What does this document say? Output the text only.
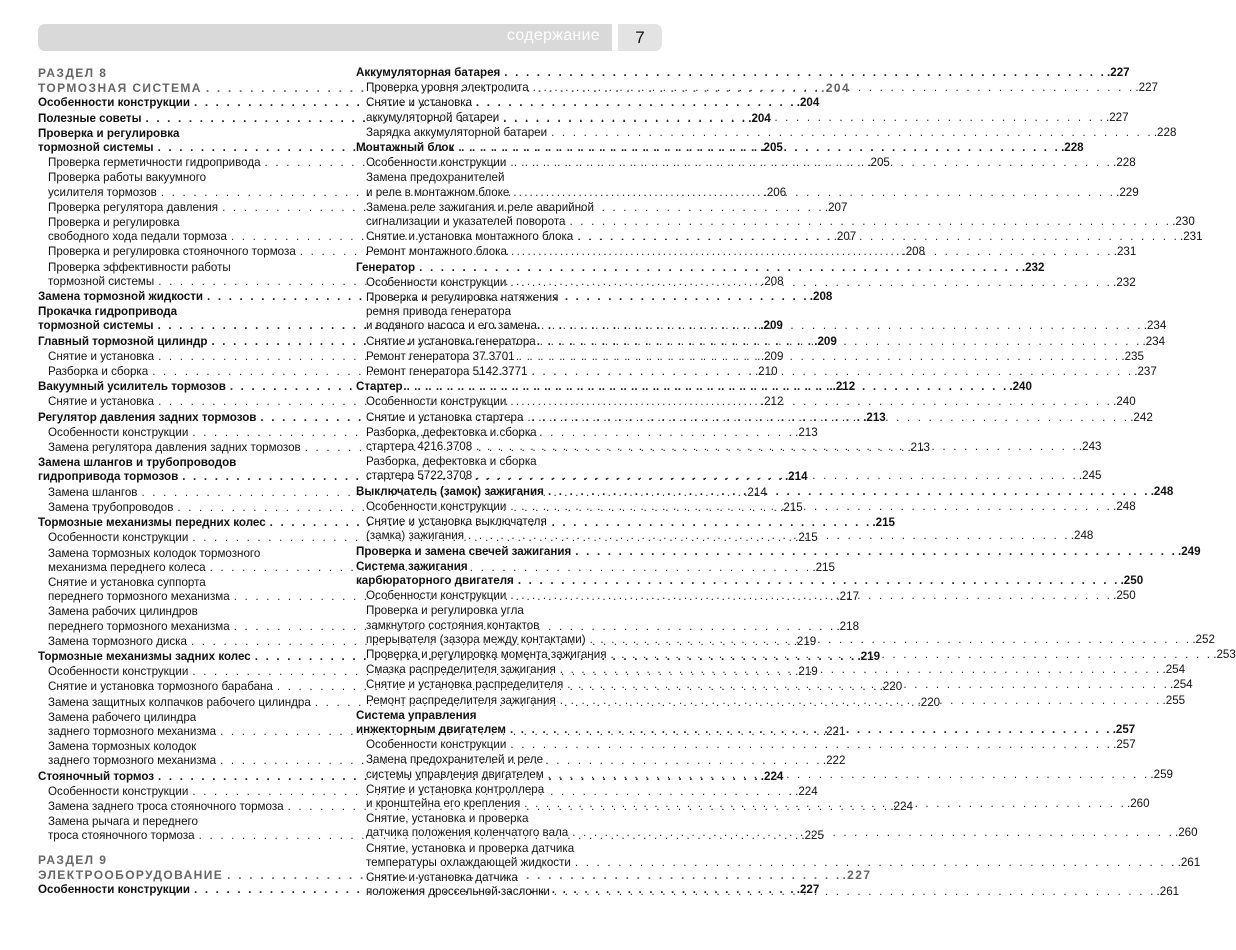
содержание	7
РАЗДЕЛ 8
ТОРМОЗНАЯ СИСТЕМА . . .	.204
Особенности конструкции . . .	.204
Полезные советы . . .	.204
Проверка и регулировка
тормозной системы . . .	.205
Проверка герметичности гидропривода . . .	.205
Проверка работы вакуумного
усилителя тормозов . . .	.206
Проверка регулятора давления . . .	.207
Проверка и регулировка
свободного хода педали тормоза . . .	.207
Проверка и регулировка стояночного тормоза . . .	.208
Проверка эффективности работы
тормозной системы . . .	.208
Замена тормозной жидкости . . .	.208
Прокачка гидропривода
тормозной системы . . .	.209
Главный тормозной цилиндр . . .	.209
Снятие и установка . . .	.209
Разборка и сборка . . .	.210
Вакуумный усилитель тормозов . . .	.212
Снятие и установка . . .	.212
Регулятор давления задних тормозов . . .	.213
Особенности конструкции . . .	.213
Замена регулятора давления задних тормозов . . .	.213
Замена шлангов и трубопроводов
гидропривода тормозов . . .	.214
Замена шлангов . . .	.214
Замена трубопроводов . . .	.215
Тормозные механизмы передних колес . . .	.215
Особенности конструкции . . .	.215
Замена тормозных колодок тормозного
механизма переднего колеса . . .	.215
Снятие и установка суппорта
переднего тормозного механизма . . .	.217
Замена рабочих цилиндров
переднего тормозного механизма . . .	.218
Замена тормозного диска . . .	.219
Тормозные механизмы задних колес . . .	.219
Особенности конструкции . . .	.219
Снятие и установка тормозного барабана . . .	.220
Замена защитных колпачков рабочего цилиндра . . .	.220
Замена рабочего цилиндра
заднего тормозного механизма . . .	.221
Замена тормозных колодок
заднего тормозного механизма . . .	.222
Стояночный тормоз . . .	.224
Особенности конструкции . . .	.224
Замена заднего троса стояночного тормоза . . .	.224
Замена рычага и переднего
троса стояночного тормоза . . .	.225
РАЗДЕЛ 9
ЭЛЕКТРООБОРУДОВАНИЕ . . .	.227
Особенности конструкции . . .	.227
Аккумуляторная батарея . . .	.227
Проверка уровня электролита . . .	.227
Снятие и установка
аккумуляторной батареи . . .	.227
Зарядка аккумуляторной батареи . . .	.228
Монтажный блок . . .	.228
Особенности конструкции . . .	.228
Замена предохранителей
и реле в монтажном блоке . . .	.229
Замена реле зажигания и реле аварийной
сигнализации и указателей поворота . . .	.230
Снятие и установка монтажного блока . . .	.231
Ремонт монтажного блока . . .	.231
Генератор . . .	.232
Особенности конструкции . . .	.232
Проверка и регулировка натяжения
ремня привода генератора
и водяного насоса и его замена . . .	.234
Снятие и установка генератора . . .	.234
Ремонт генератора 37.3701 . . .	.235
Ремонт генератора 5142.3771 . . .	.237
Стартер . . .	.240
Особенности конструкции . . .	.240
Снятие и установка стартера . . .	.242
Разборка, дефектовка и сборка
стартера 4216.3708 . . .	.243
Разборка, дефектовка и сборка
стартера 5722.3708 . . .	.245
Выключатель (замок) зажигания . . .	.248
Особенности конструкции . . .	.248
Снятие и установка выключателя
(замка) зажигания . . .	.248
Проверка и замена свечей зажигания . . .	.249
Система зажигания
карбюраторного двигателя . . .	.250
Особенности конструкции . . .	.250
Проверка и регулировка угла
замкнутого состояния контактов
прерывателя (зазора между контактами) . . .	.252
Проверка и регулировка момента зажигания . . .	.253
Смазка распределителя зажигания . . .	.254
Снятие и установка распределителя . . .	.254
Ремонт распределителя зажигания . . .	.255
Система управления
инжекторным двигателем . . .	.257
Особенности конструкции . . .	.257
Замена предохранителей и реле
системы управления двигателем . . .	.259
Снятие и установка контроллера
и кронштейна его крепления . . .	.260
Снятие, установка и проверка
датчика положения коленчатого вала . . .	.260
Снятие, установка и проверка датчика
температуры охлаждающей жидкости . . .	.261
Снятие и установка датчика
положения дроссельной заслонки . . .	.261
